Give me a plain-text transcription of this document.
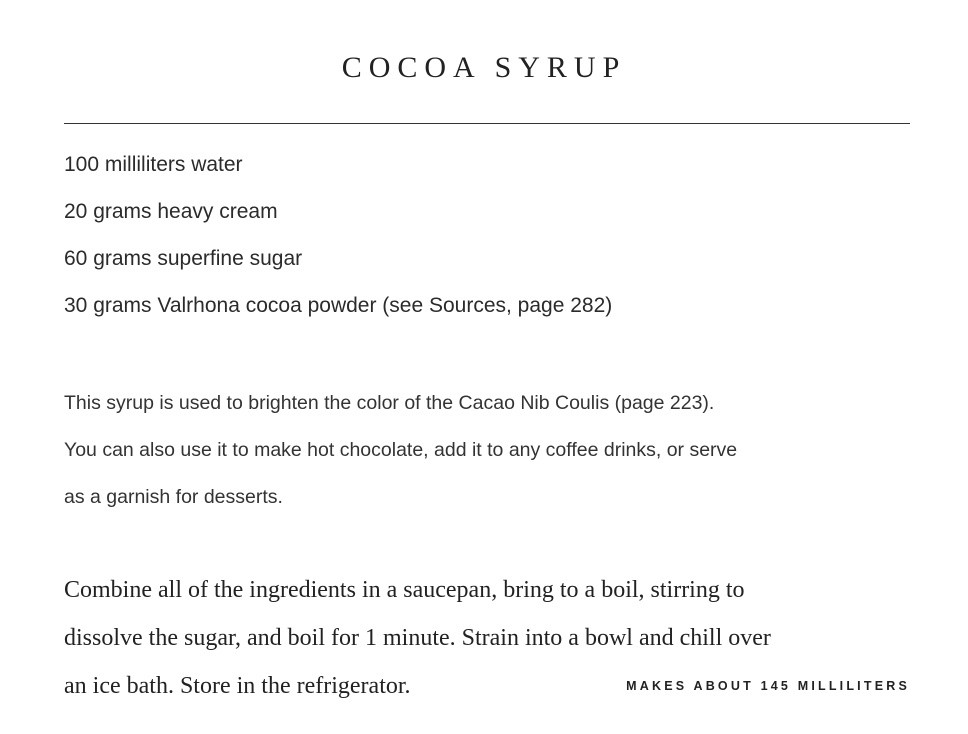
COCOA SYRUP
100 milliliters water
20 grams heavy cream
60 grams superfine sugar
30 grams Valrhona cocoa powder (see Sources, page 282)
This syrup is used to brighten the color of the Cacao Nib Coulis (page 223).
You can also use it to make hot chocolate, add it to any coffee drinks, or serve
as a garnish for desserts.
Combine all of the ingredients in a saucepan, bring to a boil, stirring to
dissolve the sugar, and boil for 1 minute. Strain into a bowl and chill over
an ice bath. Store in the refrigerator.	MAKES ABOUT 145 MILLILITERS
